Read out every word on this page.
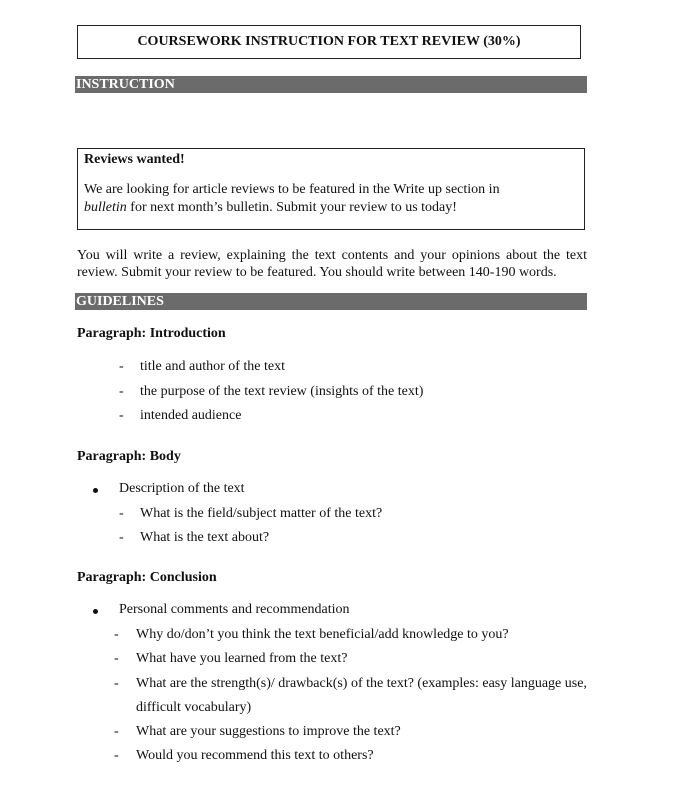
COURSEWORK INSTRUCTION FOR TEXT REVIEW (30%)
INSTRUCTION
Reviews wanted!
We are looking for article reviews to be featured in the Write up section in
bulletin for next month’s bulletin. Submit your review to us today!
You will write a review, explaining the text contents and your opinions about the text review. Submit your review to be featured. You should write between 140-190 words.
GUIDELINES
Paragraph: Introduction
- title and author of the text
- the purpose of the text review (insights of the text)
- intended audience
Paragraph: Body
Description of the text
- What is the field/subject matter of the text?
- What is the text about?
Paragraph: Conclusion
Personal comments and recommendation
- Why do/don’t you think the text beneficial/add knowledge to you?
- What have you learned from the text?
- What are the strength(s)/ drawback(s) of the text? (examples: easy language use,
difficult vocabulary)
- What are your suggestions to improve the text?
- Would you recommend this text to others?
